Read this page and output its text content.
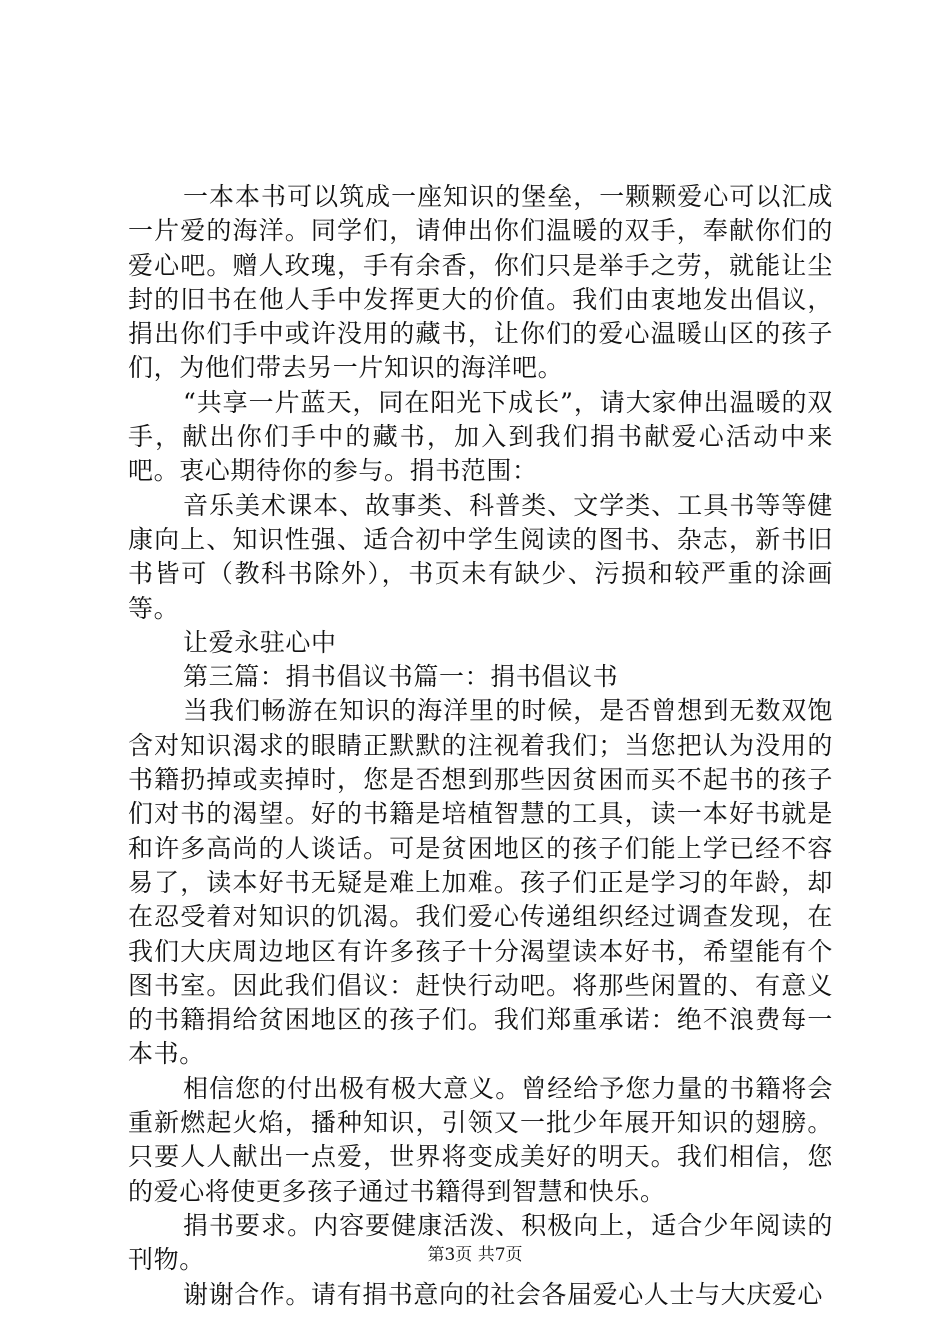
一本本书可以筑成一座知识的堡垒，一颗颗爱心可以汇成一片爱的海洋。同学们，请伸出你们温暖的双手，奉献你们的爱心吧。赠人玫瑰，手有余香，你们只是举手之劳，就能让尘封的旧书在他人手中发挥更大的价值。我们由衷地发出倡议，捐出你们手中或许没用的藏书，让你们的爱心温暖山区的孩子们，为他们带去另一片知识的海洋吧。

“共享一片蓝天，同在阳光下成长”，请大家伸出温暖的双手，献出你们手中的藏书，加入到我们捐书献爱心活动中来吧。衷心期待你的参与。捐书范围：

音乐美术课本、故事类、科普类、文学类、工具书等等健康向上、知识性强、适合初中学生阅读的图书、杂志，新书旧书皆可（教科书除外），书页未有缺少、污损和较严重的涂画等。

让爱永驻心中

第三篇：捐书倡议书篇一：捐书倡议书

当我们畅游在知识的海洋里的时候，是否曾想到无数双饱含对知识渴求的眼睛正默默的注视着我们；当您把认为没用的书籍扔掉或卖掉时，您是否想到那些因贫困而买不起书的孩子们对书的渴望。好的书籍是培植智慧的工具，读一本好书就是和许多高尚的人谈话。可是贫困地区的孩子们能上学已经不容易了，读本好书无疑是难上加难。孩子们正是学习的年龄，却在忍受着对知识的饥渴。我们爱心传递组织经过调查发现，在我们大庆周边地区有许多孩子十分渴望读本好书，希望能有个图书室。因此我们倡议：赶快行动吧。将那些闲置的、有意义的书籍捐给贫困地区的孩子们。我们郑重承诺：绝不浪费每一本书。

相信您的付出极有极大意义。曾经给予您力量的书籍将会重新燃起火焰，播种知识，引领又一批少年展开知识的翅膀。只要人人献出一点爱，世界将变成美好的明天。我们相信，您的爱心将使更多孩子通过书籍得到智慧和快乐。

捐书要求。内容要健康活泼、积极向上，适合少年阅读的刊物。

谢谢合作。请有捐书意向的社会各届爱心人士与大庆爱心

第3页 共7页
